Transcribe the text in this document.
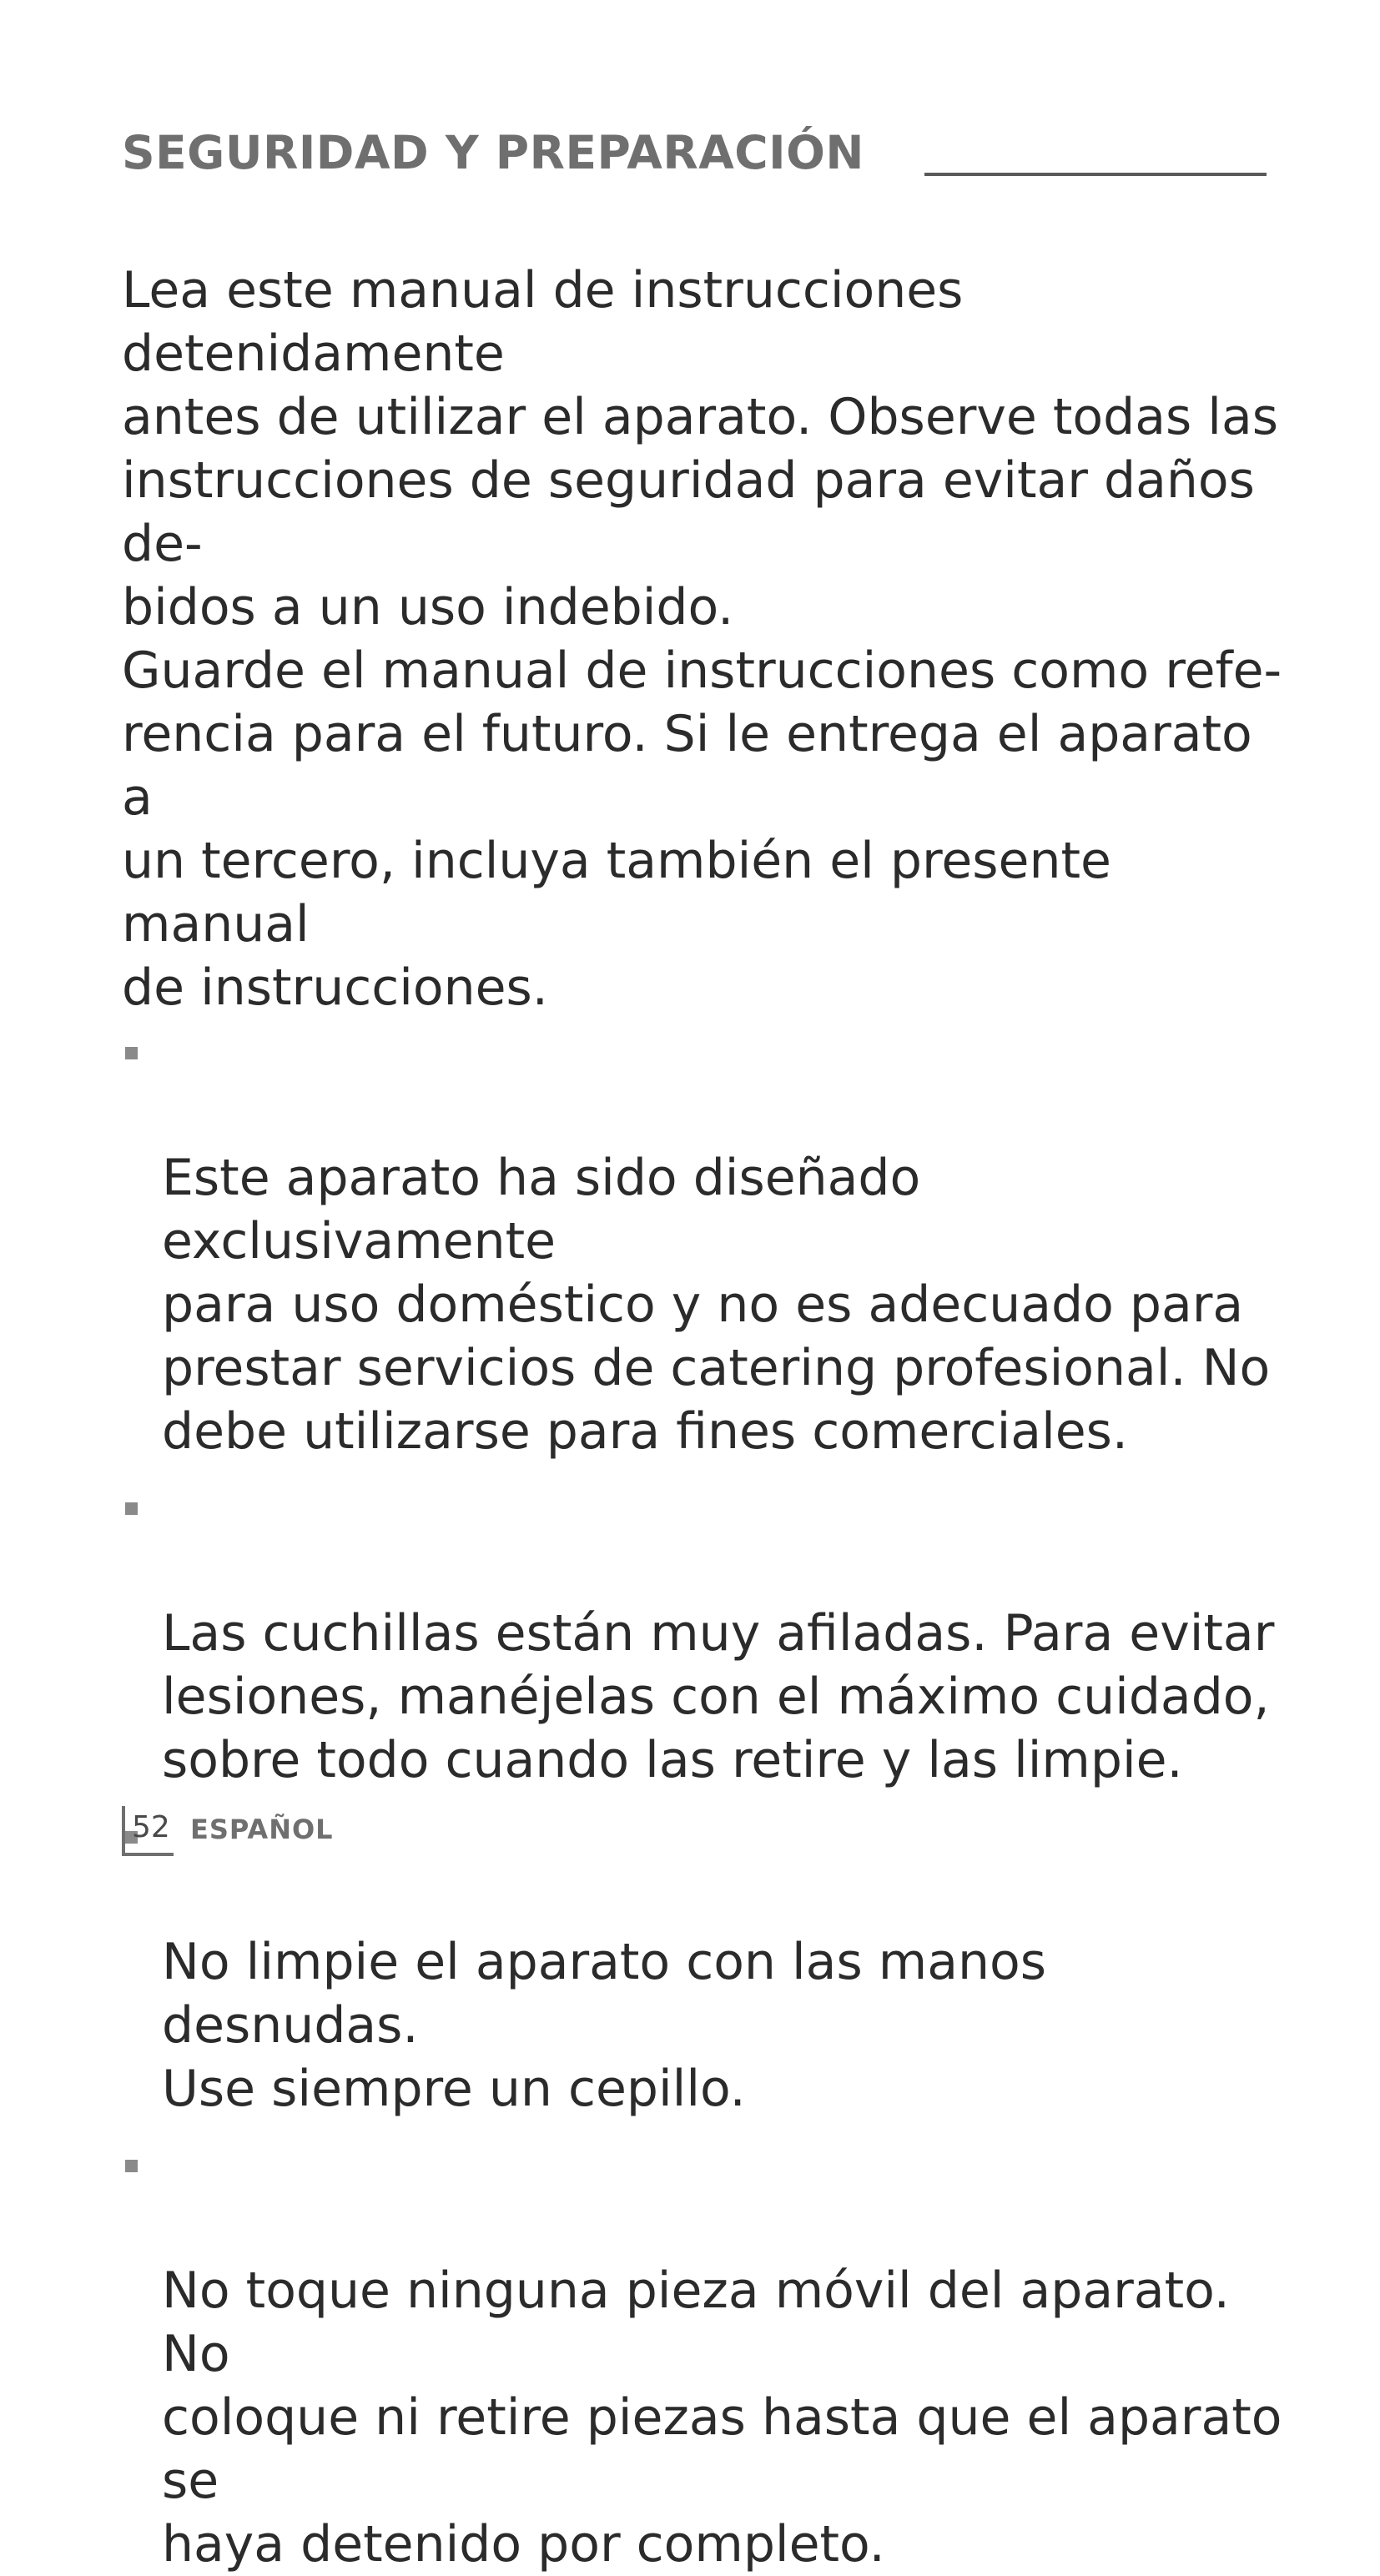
SEGURIDAD Y PREPARACIÓN

Lea este manual de instrucciones detenidamente
antes de utilizar el aparato. Observe todas las
instrucciones de seguridad para evitar daños de-
bidos a un uso indebido.

Guarde el manual de instrucciones como refe-
rencia para el futuro. Si le entrega el aparato a
un tercero, incluya también el presente manual
de instrucciones.

Este aparato ha sido diseñado exclusivamente
para uso doméstico y no es adecuado para
prestar servicios de catering profesional. No
debe utilizarse para fines comerciales.

Las cuchillas están muy afiladas. Para evitar
lesiones, manéjelas con el máximo cuidado,
sobre todo cuando las retire y las limpie.

No limpie el aparato con las manos desnudas.
Use siempre un cepillo.

No toque ninguna pieza móvil del aparato. No
coloque ni retire piezas hasta que el aparato se
haya detenido por completo.

52 ESPAÑOL
